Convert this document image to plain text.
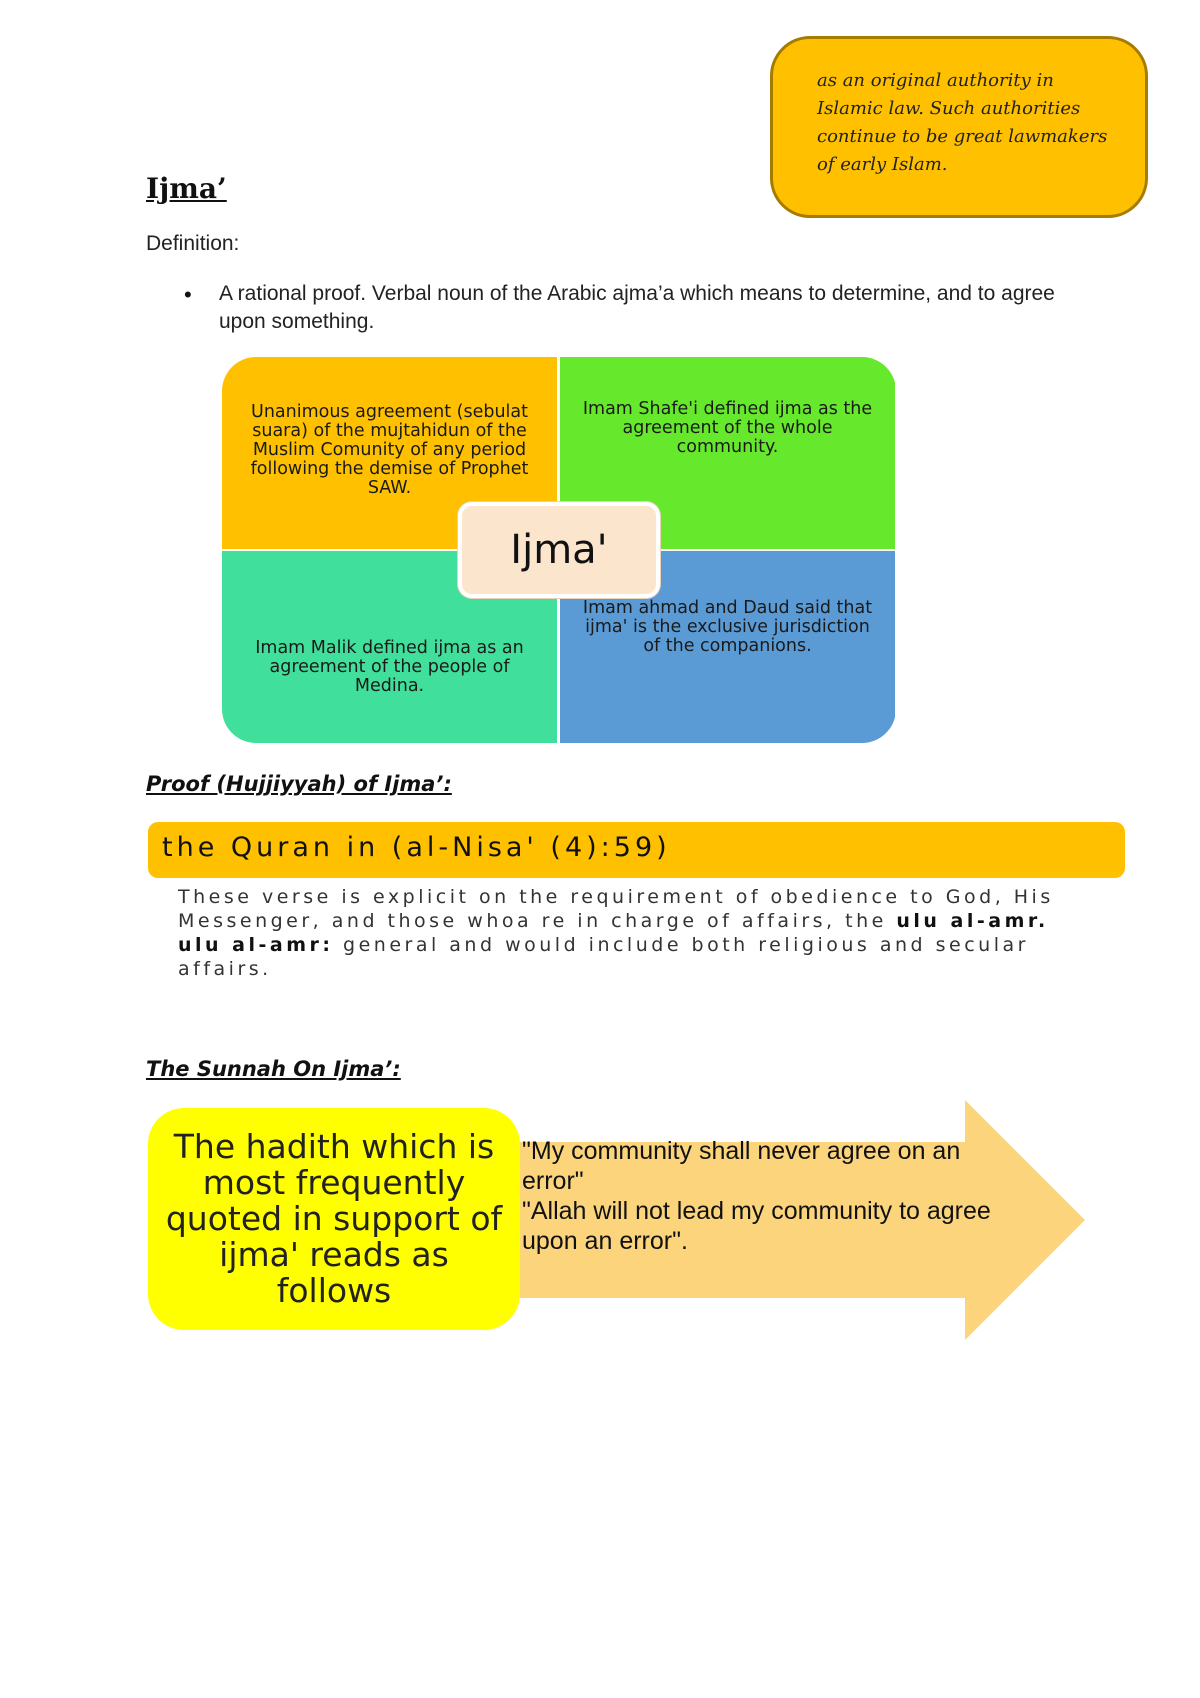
as an original authority in Islamic law. Such authorities continue to be great lawmakers of early Islam.
Ijma’
Definition:
• A rational proof. Verbal noun of the Arabic ajma’a which means to determine, and to agree upon something.
Unanimous agreement (sebulat suara) of the mujtahidun of the Muslim Comunity of any period following the demise of Prophet SAW.
Imam Shafe'i defined ijma as the agreement of the whole community.
Imam Malik defined ijma as an agreement of the people of Medina.
Imam ahmad and Daud said that ijma' is the exclusive jurisdiction of the companions.
Ijma'
Proof (Hujjiyyah) of Ijma’:
the Quran in (al-Nisa' (4):59)
These verse is explicit on the requirement of obedience to God, His Messenger, and those whoa re in charge of affairs, the ulu al-amr.
ulu al-amr: general and would include both religious and secular affairs.
The Sunnah On Ijma’:
The hadith which is most frequently quoted in support of ijma' reads as follows
"My community shall never agree on an error"
"Allah will not lead my community to agree upon an error".
